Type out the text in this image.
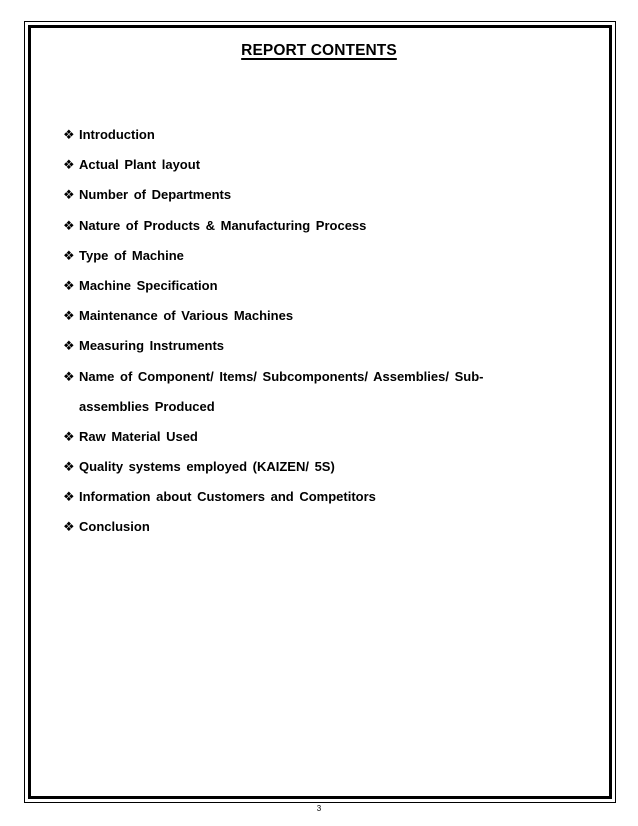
REPORT CONTENTS
❖ Introduction
❖ Actual Plant layout
❖ Number of Departments
❖ Nature of Products & Manufacturing Process
❖ Type of Machine
❖ Machine Specification
❖ Maintenance of Various Machines
❖ Measuring Instruments
❖ Name of Component/ Items/ Subcomponents/ Assemblies/ Sub-assemblies Produced
❖ Raw Material Used
❖ Quality systems employed (KAIZEN/ 5S)
❖ Information about Customers and Competitors
❖ Conclusion
3
